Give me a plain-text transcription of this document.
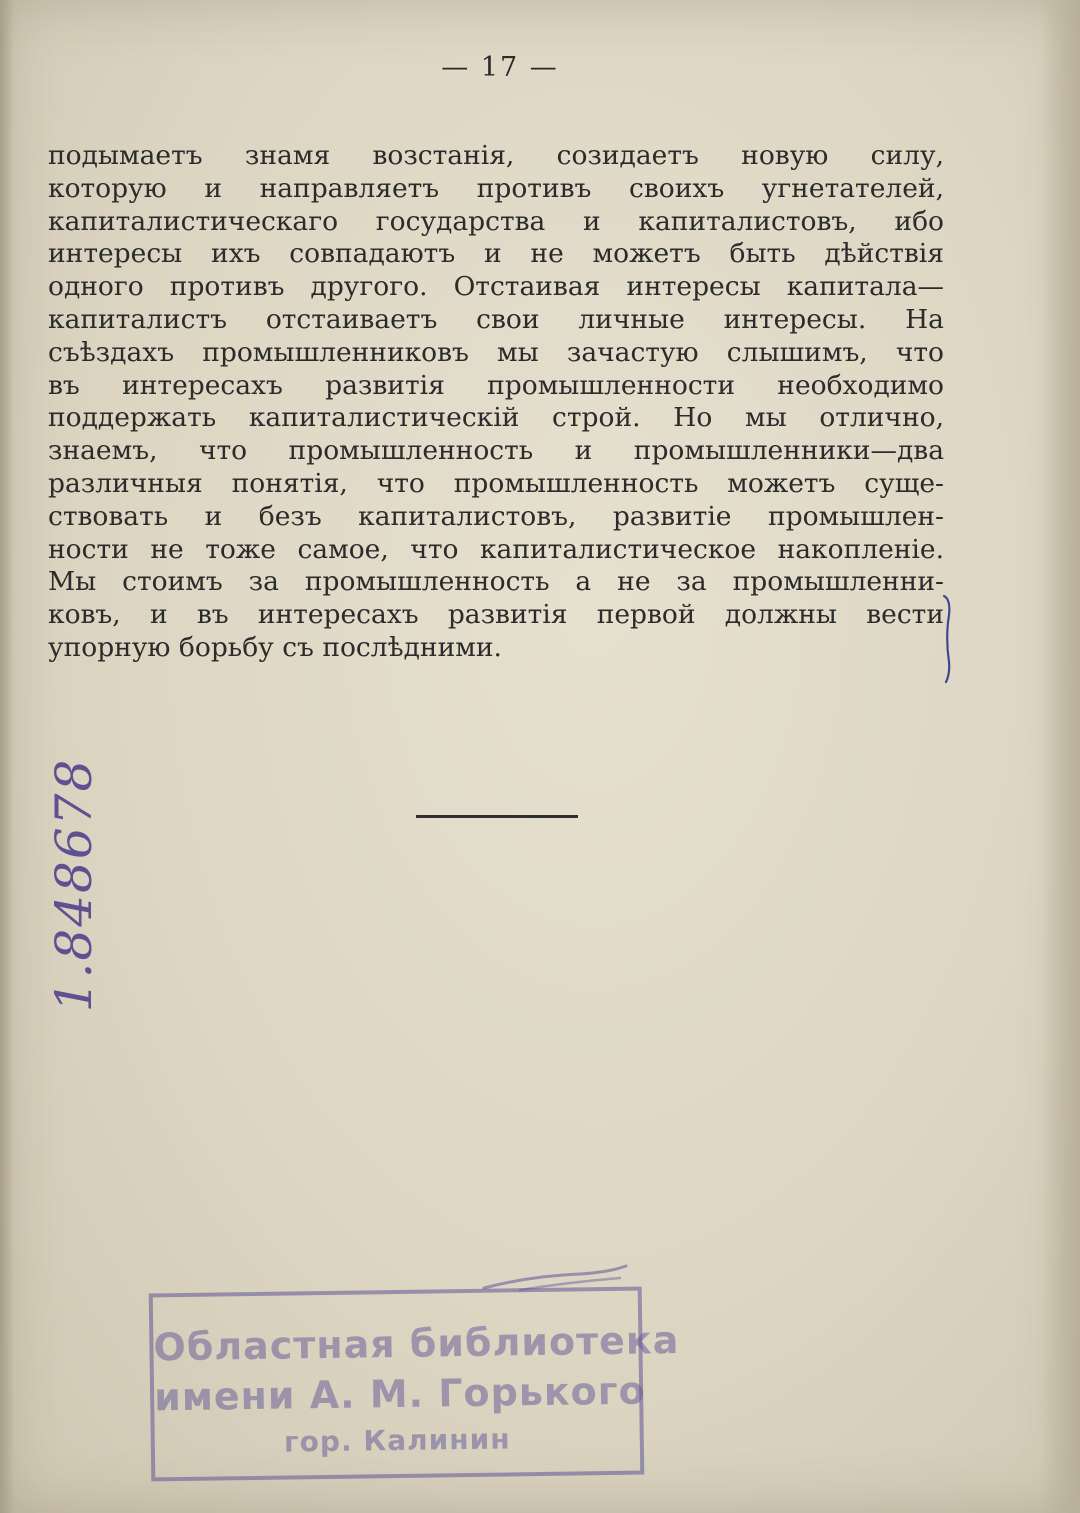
— 17 —
подымаетъ знамя возстанія, созидаетъ новую силу,
которую и направляетъ противъ своихъ угнетателей,
капиталистическаго государства и капиталистовъ, ибо
интересы ихъ совпадаютъ и не можетъ быть дѣйствія
одного противъ другого. Отстаивая интересы капитала—
капиталистъ отстаиваетъ свои личные интересы. На
съѣздахъ промышленниковъ мы зачастую слышимъ, что
въ интересахъ развитія промышленности необходимо
поддержать капиталистическій строй. Но мы отлично,
знаемъ, что промышленность и промышленники—два
различныя понятія, что промышленность можетъ суще-
ствовать и безъ капиталистовъ, развитіе промышлен-
ности не тоже самое, что капиталистическое накопленіе.
Мы стоимъ за промышленность а не за промышленни-
ковъ, и въ интересахъ развитія первой должны вести
упорную борьбу съ послѣдними.
1.848678
Областная библиотека
имени А. М. Горького
гор. Калинин
